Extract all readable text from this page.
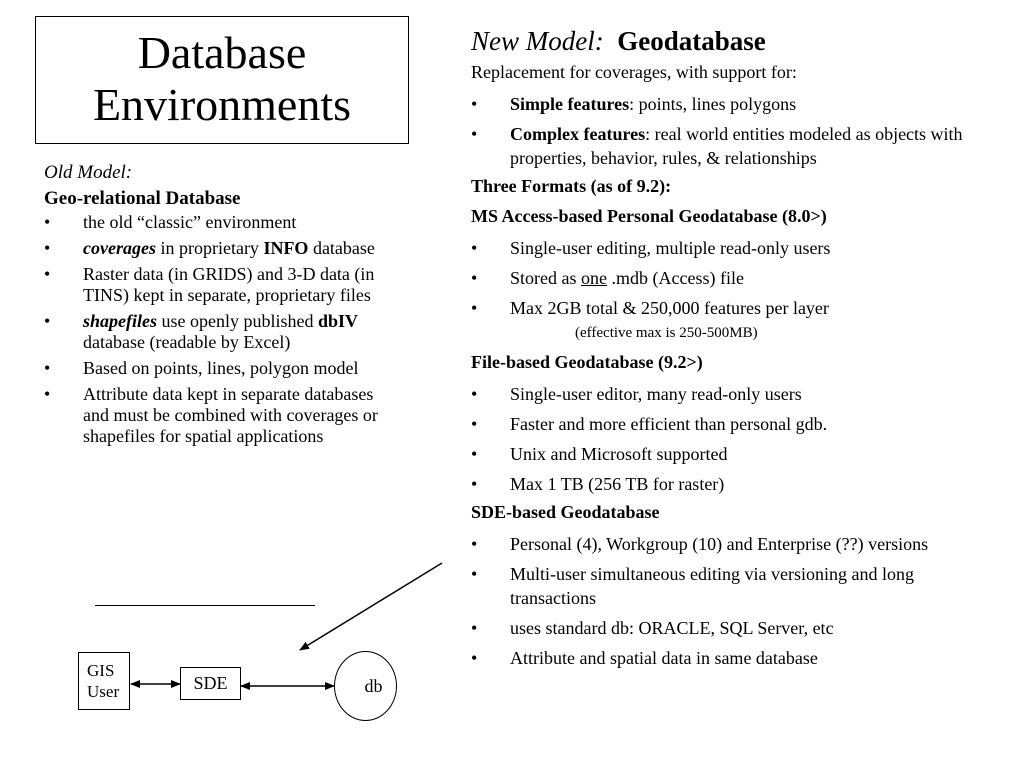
Database
Environments
Old Model:
Geo-relational Database
• the old “classic” environment
• coverages in proprietary INFO database
• Raster data (in GRIDS) and 3-D data (in TINS) kept in separate, proprietary files
• shapefiles use openly published dbIV database (readable by Excel)
• Based on points, lines, polygon model
• Attribute data kept in separate databases and must be combined with coverages or shapefiles for spatial applications
New Model: Geodatabase
Replacement for coverages, with support for:
• Simple features: points, lines polygons
• Complex features: real world entities modeled as objects with properties, behavior, rules, & relationships
Three Formats (as of 9.2):
MS Access-based Personal Geodatabase (8.0>)
• Single-user editing, multiple read-only users
• Stored as one .mdb (Access) file
• Max 2GB total & 250,000 features per layer
(effective max is 250-500MB)
File-based Geodatabase (9.2>)
• Single-user editor, many read-only users
• Faster and more efficient than personal gdb.
• Unix and Microsoft supported
• Max 1 TB (256 TB for raster)
SDE-based Geodatabase
• Personal (4), Workgroup (10) and Enterprise (??) versions
• Multi-user simultaneous editing via versioning and long transactions
• uses standard db: ORACLE, SQL Server, etc
• Attribute and spatial data in same database
GIS
User	SDE	db
